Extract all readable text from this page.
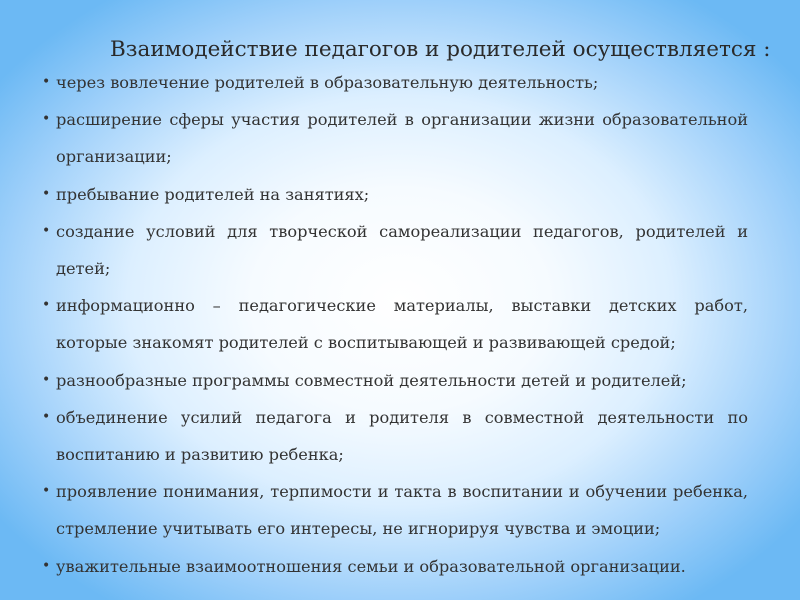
Взаимодействие педагогов и родителей осуществляется :
• через вовлечение родителей в образовательную деятельность;
• расширение сферы участия родителей в организации жизни образовательной организации;
• пребывание родителей на занятиях;
• создание условий для творческой самореализации педагогов, родителей и детей;
• информационно – педагогические материалы, выставки детских работ, которые знакомят родителей с воспитывающей и развивающей средой;
• разнообразные программы совместной деятельности детей и родителей;
• объединение усилий педагога и родителя в совместной деятельности по воспитанию и развитию ребенка;
• проявление понимания, терпимости и такта в воспитании и обучении ребенка, стремление учитывать его интересы, не игнорируя чувства и эмоции;
• уважительные взаимоотношения семьи и образовательной организации.
